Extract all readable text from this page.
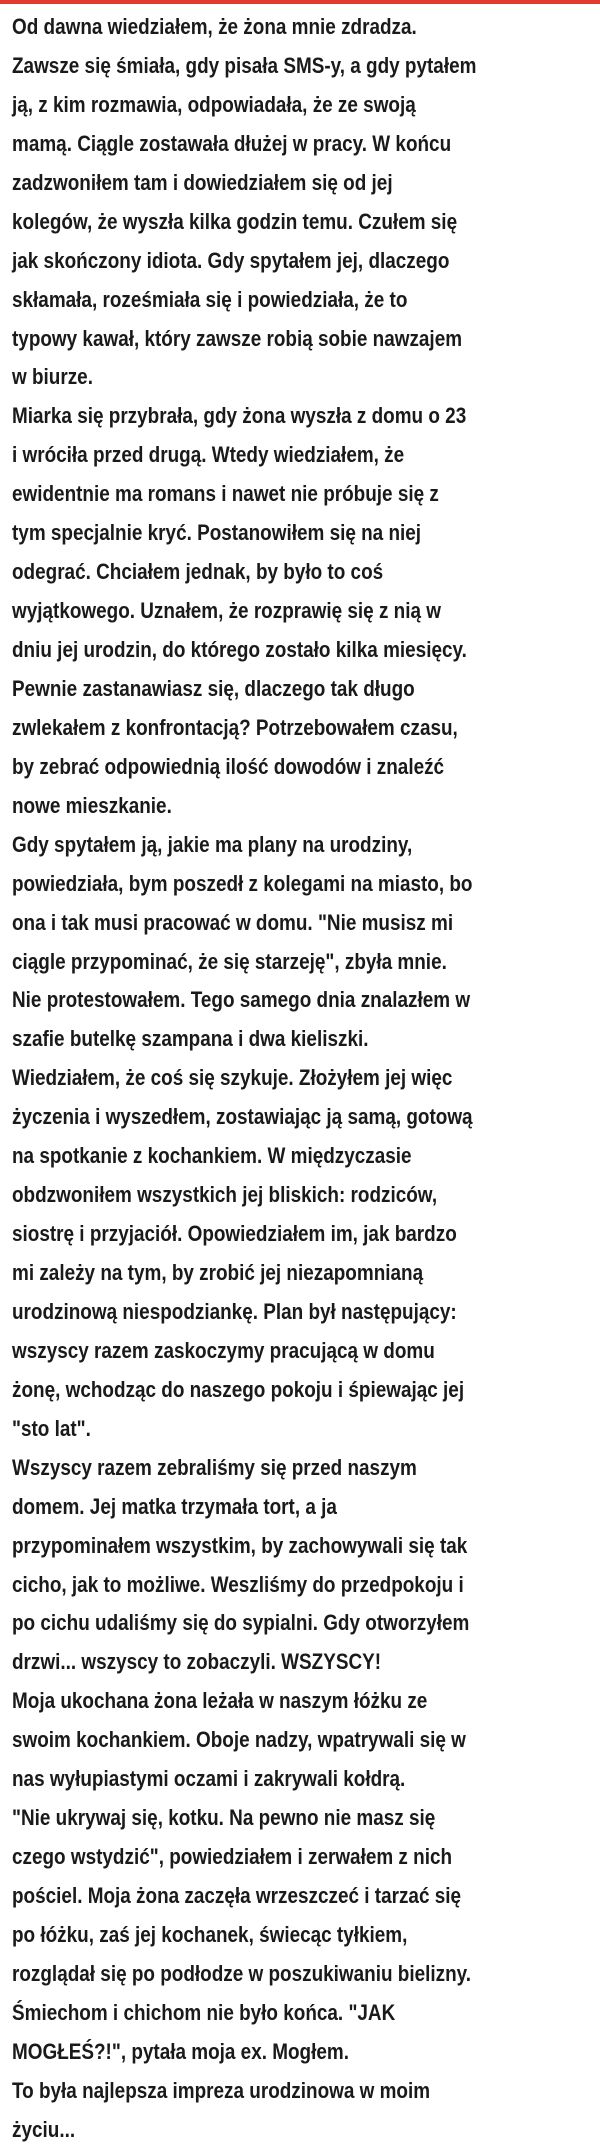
Od dawna wiedziałem, że żona mnie zdradza.
Zawsze się śmiała, gdy pisała SMS-y, a gdy pytałem
ją, z kim rozmawia, odpowiadała, że ze swoją
mamą. Ciągle zostawała dłużej w pracy. W końcu
zadzwoniłem tam i dowiedziałem się od jej
kolegów, że wyszła kilka godzin temu. Czułem się
jak skończony idiota. Gdy spytałem jej, dlaczego
skłamała, roześmiała się i powiedziała, że to
typowy kawał, który zawsze robią sobie nawzajem
w biurze.

Miarka się przybrała, gdy żona wyszła z domu o 23
i wróciła przed drugą. Wtedy wiedziałem, że
ewidentnie ma romans i nawet nie próbuje się z
tym specjalnie kryć. Postanowiłem się na niej
odegrać. Chciałem jednak, by było to coś
wyjątkowego. Uznałem, że rozprawię się z nią w
dniu jej urodzin, do którego zostało kilka miesięcy.
Pewnie zastanawiasz się, dlaczego tak długo
zwlekałem z konfrontacją? Potrzebowałem czasu,
by zebrać odpowiednią ilość dowodów i znaleźć
nowe mieszkanie.

Gdy spytałem ją, jakie ma plany na urodziny,
powiedziała, bym poszedł z kolegami na miasto, bo
ona i tak musi pracować w domu. "Nie musisz mi
ciągle przypominać, że się starzeję", zbyła mnie.
Nie protestowałem. Tego samego dnia znalazłem w
szafie butelkę szampana i dwa kieliszki.
Wiedziałem, że coś się szykuje. Złożyłem jej więc
życzenia i wyszedłem, zostawiając ją samą, gotową
na spotkanie z kochankiem. W międzyczasie
obdzwoniłem wszystkich jej bliskich: rodziców,
siostrę i przyjaciół. Opowiedziałem im, jak bardzo
mi zależy na tym, by zrobić jej niezapomnianą
urodzinową niespodziankę. Plan był następujący:
wszyscy razem zaskoczymy pracującą w domu
żonę, wchodząc do naszego pokoju i śpiewając jej
"sto lat".

Wszyscy razem zebraliśmy się przed naszym
domem. Jej matka trzymała tort, a ja
przypominałem wszystkim, by zachowywali się tak
cicho, jak to możliwe. Weszliśmy do przedpokoju i
po cichu udaliśmy się do sypialni. Gdy otworzyłem
drzwi... wszyscy to zobaczyli. WSZYSCY!

Moja ukochana żona leżała w naszym łóżku ze
swoim kochankiem. Oboje nadzy, wpatrywali się w
nas wyłupiastymi oczami i zakrywali kołdrą.

"Nie ukrywaj się, kotku. Na pewno nie masz się
czego wstydzić", powiedziałem i zerwałem z nich
pościel. Moja żona zaczęła wrzeszczeć i tarzać się
po łóżku, zaś jej kochanek, świecąc tyłkiem,
rozglądał się po podłodze w poszukiwaniu bielizny.
Śmiechom i chichom nie było końca. "JAK
MOGŁEŚ?!", pytała moja ex. Mogłem.

To była najlepsza impreza urodzinowa w moim
życiu...
